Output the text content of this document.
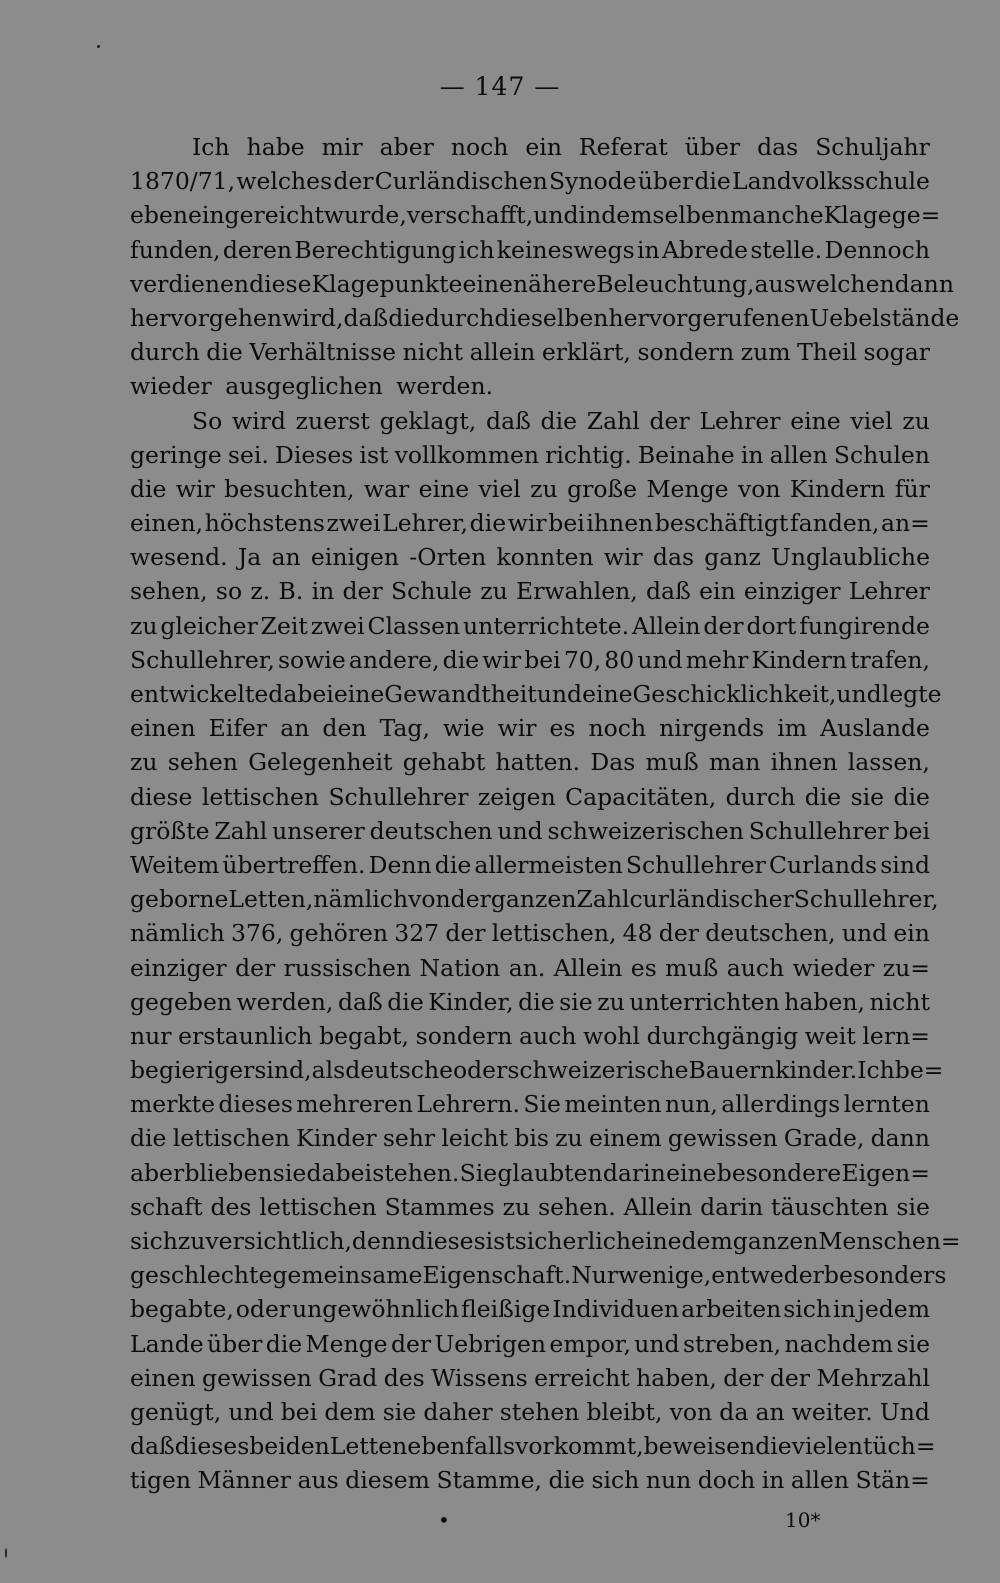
— 147 —
Ich habe mir aber noch ein Referat über das Schuljahr
1870/71, welches der Curländischen Synode über die Landvolksschule
eben eingereicht wurde, verschafft, und in demselben manche Klage ge=
funden, deren Berechtigung ich keineswegs in Abrede stelle. Dennoch
verdienen diese Klagepunkte eine nähere Beleuchtung, aus welchen dann
hervorgehen wird, daß die durch dieselben hervorgerufenen Uebelstände
durch die Verhältnisse nicht allein erklärt, sondern zum Theil sogar
wieder ausgeglichen werden.
So wird zuerst geklagt, daß die Zahl der Lehrer eine viel zu
geringe sei. Dieses ist vollkommen richtig. Beinahe in allen Schulen
die wir besuchten, war eine viel zu große Menge von Kindern für
einen, höchstens zwei Lehrer, die wir bei ihnen beschäftigt fanden, an=
wesend. Ja an einigen -Orten konnten wir das ganz Unglaubliche
sehen, so z. B. in der Schule zu Erwahlen, daß ein einziger Lehrer
zu gleicher Zeit zwei Classen unterrichtete. Allein der dort fungirende
Schullehrer, sowie andere, die wir bei 70, 80 und mehr Kindern trafen,
entwickelte dabei eine Gewandtheit und eine Geschicklichkeit, und legte
einen Eifer an den Tag, wie wir es noch nirgends im Auslande
zu sehen Gelegenheit gehabt hatten. Das muß man ihnen lassen,
diese lettischen Schullehrer zeigen Capacitäten, durch die sie die
größte Zahl unserer deutschen und schweizerischen Schullehrer bei
Weitem übertreffen. Denn die allermeisten Schullehrer Curlands sind
geborne Letten, nämlich von der ganzen Zahl curländischer Schullehrer,
nämlich 376, gehören 327 der lettischen, 48 der deutschen, und ein
einziger der russischen Nation an. Allein es muß auch wieder zu=
gegeben werden, daß die Kinder, die sie zu unterrichten haben, nicht
nur erstaunlich begabt, sondern auch wohl durchgängig weit lern=
begieriger sind, als deutsche oder schweizerische Bauernkinder. Ich be=
merkte dieses mehreren Lehrern. Sie meinten nun, allerdings lernten
die lettischen Kinder sehr leicht bis zu einem gewissen Grade, dann
aber blieben sie dabei stehen. Sie glaubten darin eine besondere Eigen=
schaft des lettischen Stammes zu sehen. Allein darin täuschten sie
sich zuversichtlich, denn dieses ist sicherlich eine dem ganzen Menschen=
geschlechte gemeinsame Eigenschaft. Nur wenige, entweder besonders
begabte, oder ungewöhnlich fleißige Individuen arbeiten sich in jedem
Lande über die Menge der Uebrigen empor, und streben, nachdem sie
einen gewissen Grad des Wissens erreicht haben, der der Mehrzahl
genügt, und bei dem sie daher stehen bleibt, von da an weiter. Und
daß dieses bei den Letten ebenfalls vorkommt, beweisen die vielen tüch=
tigen Männer aus diesem Stamme, die sich nun doch in allen Stän=
•	10*
